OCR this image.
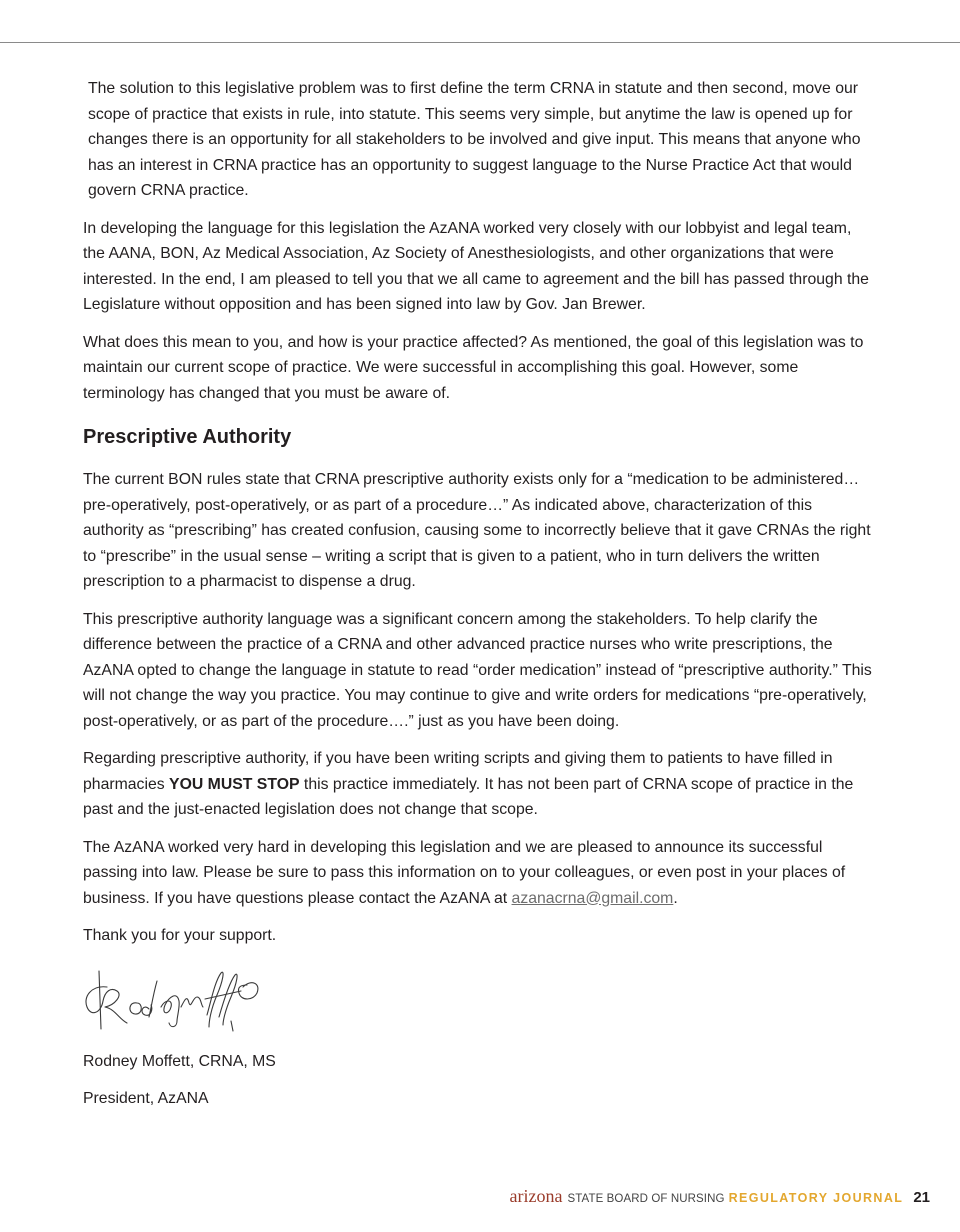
The solution to this legislative problem was to first define the term CRNA in statute and then second, move our scope of practice that exists in rule, into statute. This seems very simple, but anytime the law is opened up for changes there is an opportunity for all stakeholders to be involved and give input. This means that anyone who has an interest in CRNA practice has an opportunity to suggest language to the Nurse Practice Act that would govern CRNA practice.

In developing the language for this legislation the AzANA worked very closely with our lobbyist and legal team, the AANA, BON, Az Medical Association, Az Society of Anesthesiologists, and other organizations that were interested. In the end, I am pleased to tell you that we all came to agreement and the bill has passed through the Legislature without opposition and has been signed into law by Gov. Jan Brewer.

What does this mean to you, and how is your practice affected? As mentioned, the goal of this legislation was to maintain our current scope of practice. We were successful in accomplishing this goal. However, some terminology has changed that you must be aware of.

Prescriptive Authority

The current BON rules state that CRNA prescriptive authority exists only for a “medication to be administered…pre-operatively, post-operatively, or as part of a procedure…” As indicated above, characterization of this authority as “prescribing” has created confusion, causing some to incorrectly believe that it gave CRNAs the right to “prescribe” in the usual sense – writing a script that is given to a patient, who in turn delivers the written prescription to a pharmacist to dispense a drug.

This prescriptive authority language was a significant concern among the stakeholders. To help clarify the difference between the practice of a CRNA and other advanced practice nurses who write prescriptions, the AzANA opted to change the language in statute to read “order medication” instead of “prescriptive authority.” This will not change the way you practice. You may continue to give and write orders for medications “pre-operatively, post-operatively, or as part of the procedure….” just as you have been doing.

Regarding prescriptive authority, if you have been writing scripts and giving them to patients to have filled in pharmacies YOU MUST STOP this practice immediately. It has not been part of CRNA scope of practice in the past and the just-enacted legislation does not change that scope.

The AzANA worked very hard in developing this legislation and we are pleased to announce its successful passing into law. Please be sure to pass this information on to your colleagues, or even post in your places of business. If you have questions please contact the AzANA at azanacrna@gmail.com.

Thank you for your support.

Rodney Moffett, CRNA, MS

President, AzANA

arizona STATE BOARD OF NURSING REGULATORY JOURNAL 21
